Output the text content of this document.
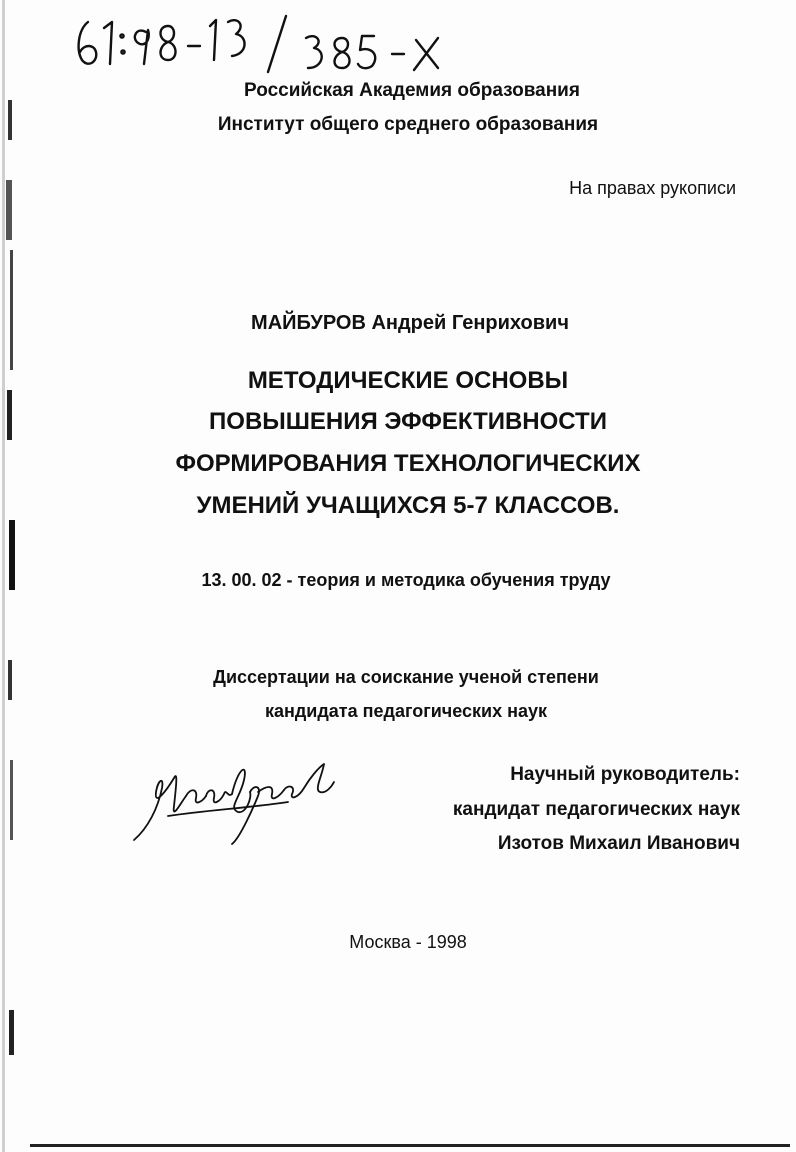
Российская Академия образования
Институт общего среднего образования
На правах рукописи
МАЙБУРОВ Андрей Генрихович
МЕТОДИЧЕСКИЕ ОСНОВЫ
ПОВЫШЕНИЯ ЭФФЕКТИВНОСТИ
ФОРМИРОВАНИЯ ТЕХНОЛОГИЧЕСКИХ
УМЕНИЙ УЧАЩИХСЯ 5-7 КЛАССОВ.
13. 00. 02 - теория и методика обучения труду
Диссертации на соискание ученой степени
кандидата педагогических наук
Научный руководитель:
кандидат педагогических наук
Изотов Михаил Иванович
Москва - 1998
